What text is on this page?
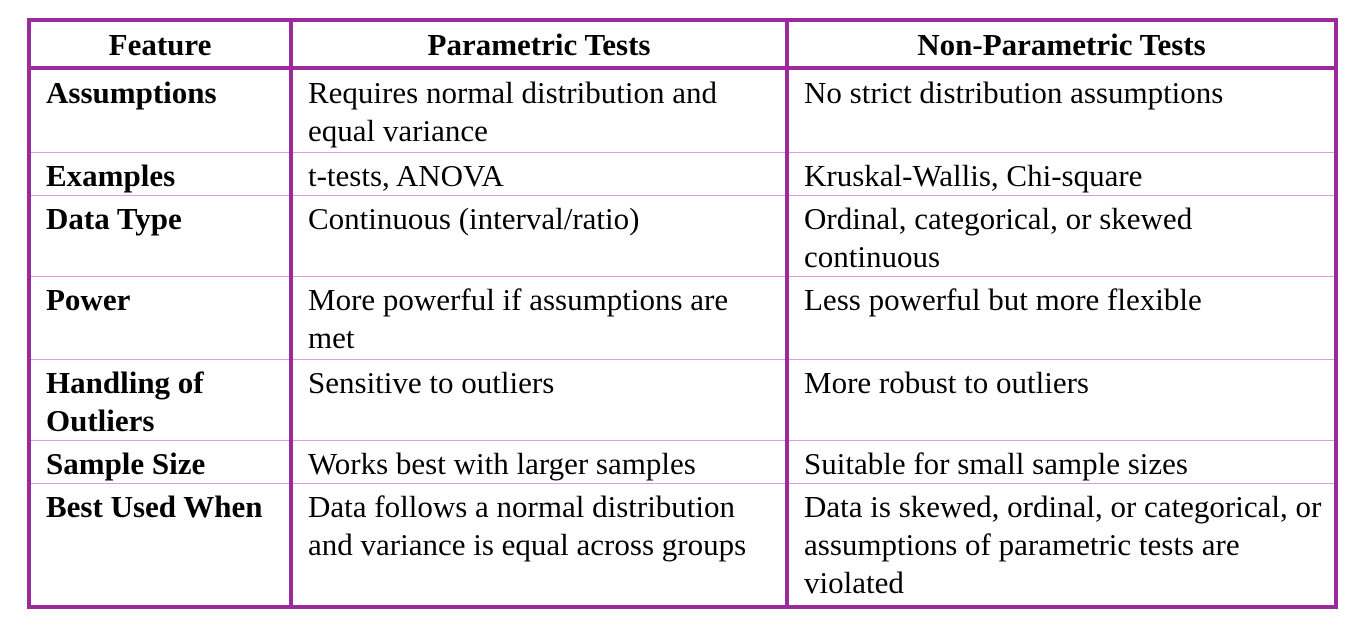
Feature	Parametric Tests	Non-Parametric Tests
Assumptions	Requires normal distribution and equal variance	No strict distribution assumptions
Examples	t-tests, ANOVA	Kruskal-Wallis, Chi-square
Data Type	Continuous (interval/ratio)	Ordinal, categorical, or skewed continuous
Power	More powerful if assumptions are met	Less powerful but more flexible
Handling of Outliers	Sensitive to outliers	More robust to outliers
Sample Size	Works best with larger samples	Suitable for small sample sizes
Best Used When	Data follows a normal distribution and variance is equal across groups	Data is skewed, ordinal, or categorical, or assumptions of parametric tests are violated
